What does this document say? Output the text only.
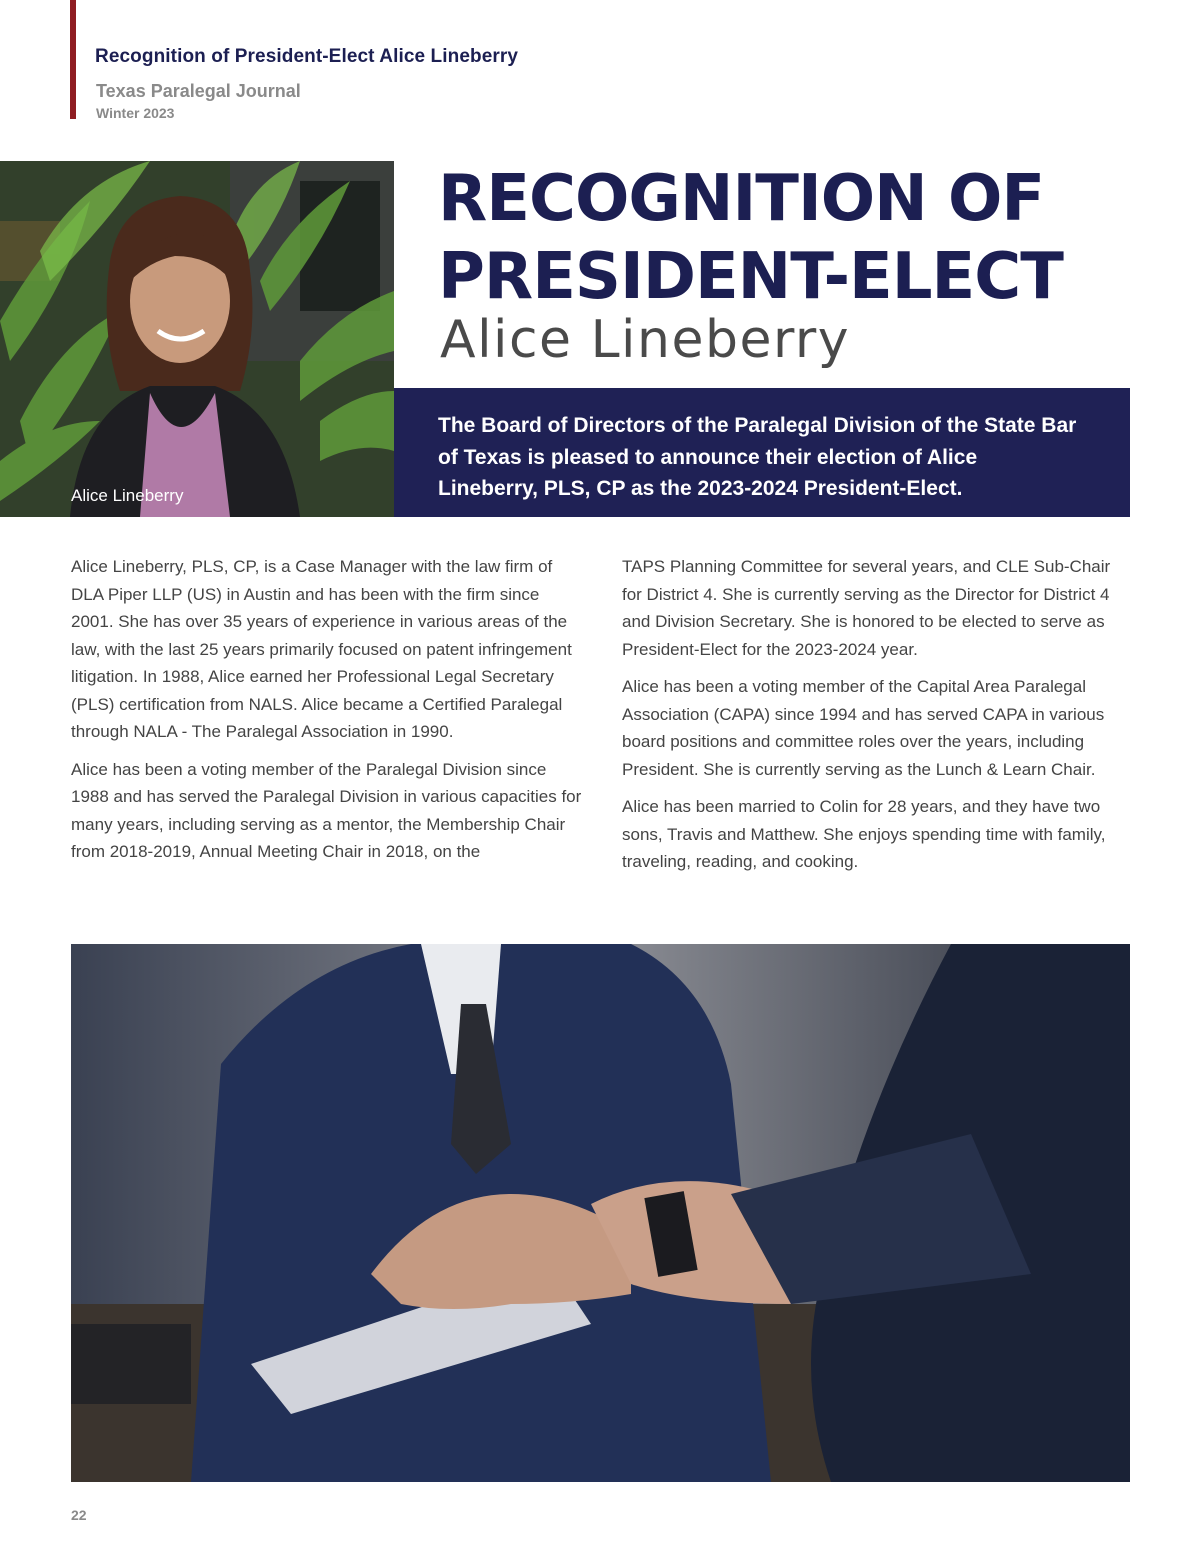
Recognition of President-Elect Alice Lineberry
Texas Paralegal Journal
Winter 2023
Alice Lineberry
RECOGNITION OF
PRESIDENT-ELECT
Alice Lineberry
The Board of Directors of the Paralegal Division of the State Bar of Texas is pleased to announce their election of Alice Lineberry, PLS, CP as the 2023-2024 President-Elect.

Alice Lineberry, PLS, CP, is a Case Manager with the law firm of DLA Piper LLP (US) in Austin and has been with the firm since 2001. She has over 35 years of experience in various areas of the law, with the last 25 years primarily focused on patent infringement litigation. In 1988, Alice earned her Professional Legal Secretary (PLS) certification from NALS. Alice became a Certified Paralegal through NALA - The Paralegal Association in 1990.

Alice has been a voting member of the Paralegal Division since 1988 and has served the Paralegal Division in various capacities for many years, including serving as a mentor, the Membership Chair from 2018-2019, Annual Meeting Chair in 2018, on the

TAPS Planning Committee for several years, and CLE Sub-Chair for District 4. She is currently serving as the Director for District 4 and Division Secretary. She is honored to be elected to serve as President-Elect for the 2023-2024 year.

Alice has been a voting member of the Capital Area Paralegal Association (CAPA) since 1994 and has served CAPA in various board positions and committee roles over the years, including President. She is currently serving as the Lunch & Learn Chair.

Alice has been married to Colin for 28 years, and they have two sons, Travis and Matthew. She enjoys spending time with family, traveling, reading, and cooking.

22
